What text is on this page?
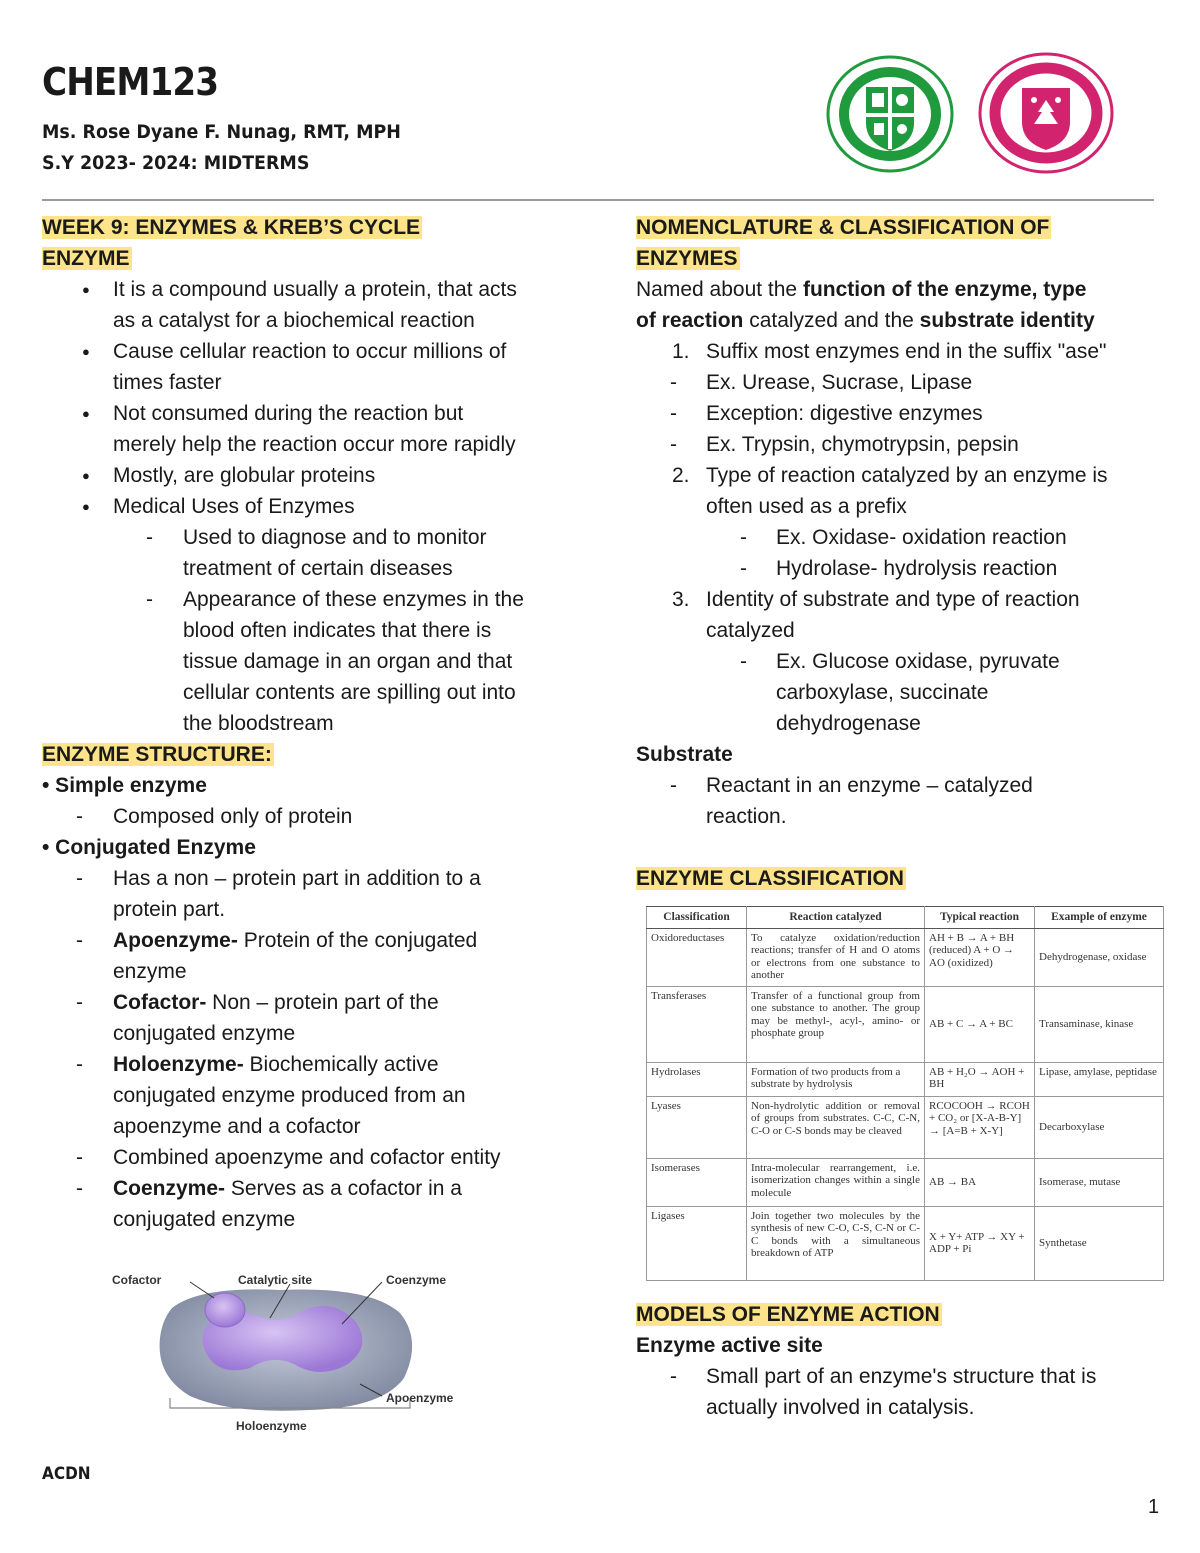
CHEM123
Ms. Rose Dyane F. Nunag, RMT, MPH
S.Y 2023- 2024: MIDTERMS
WEEK 9: ENZYMES & KREB’S CYCLE
ENZYME
● It is a compound usually a protein, that acts
as a catalyst for a biochemical reaction
● Cause cellular reaction to occur millions of
times faster
● Not consumed during the reaction but
merely help the reaction occur more rapidly
● Mostly, are globular proteins
● Medical Uses of Enzymes
- Used to diagnose and to monitor
treatment of certain diseases
- Appearance of these enzymes in the
blood often indicates that there is
tissue damage in an organ and that
cellular contents are spilling out into
the bloodstream
ENZYME STRUCTURE:
• Simple enzyme
- Composed only of protein
• Conjugated Enzyme
- Has a non – protein part in addition to a
protein part.
- Apoenzyme- Protein of the conjugated
enzyme
- Cofactor- Non – protein part of the
conjugated enzyme
- Holoenzyme- Biochemically active
conjugated enzyme produced from an
apoenzyme and a cofactor
- Combined apoenzyme and cofactor entity
- Coenzyme- Serves as a cofactor in a
conjugated enzyme
Cofactor	Catalytic site	Coenzyme
Apoenzyme
Holoenzyme
NOMENCLATURE & CLASSIFICATION OF
ENZYMES
Named about the function of the enzyme, type
of reaction catalyzed and the substrate identity
1. Suffix most enzymes end in the suffix "ase"
- Ex. Urease, Sucrase, Lipase
- Exception: digestive enzymes
- Ex. Trypsin, chymotrypsin, pepsin
2. Type of reaction catalyzed by an enzyme is
often used as a prefix
- Ex. Oxidase- oxidation reaction
- Hydrolase- hydrolysis reaction
3. Identity of substrate and type of reaction
catalyzed
- Ex. Glucose oxidase, pyruvate
carboxylase, succinate
dehydrogenase
Substrate
- Reactant in an enzyme – catalyzed
reaction.
ENZYME CLASSIFICATION
Classification	Reaction catalyzed	Typical reaction	Example of enzyme
Oxidoreductases	To catalyze oxidation/reduction reactions; transfer of H and O atoms or electrons from one substance to another	AH + B → A + BH (reduced) A + O → AO (oxidized)	Dehydrogenase, oxidase
Transferases	Transfer of a functional group from one substance to another. The group may be methyl-, acyl-, amino- or phosphate group	AB + C → A + BC	Transaminase, kinase
Hydrolases	Formation of two products from a substrate by hydrolysis	AB + H₂O → AOH + BH	Lipase, amylase, peptidase
Lyases	Non-hydrolytic addition or removal of groups from substrates. C-C, C-N, C-O or C-S bonds may be cleaved	RCOCOOH → RCOH + CO₂ or [X-A-B-Y] → [A=B + X-Y]	Decarboxylase
Isomerases	Intra-molecular rearrangement, i.e. isomerization changes within a single molecule	AB → BA	Isomerase, mutase
Ligases	Join together two molecules by the synthesis of new C-O, C-S, C-N or C-C bonds with a simultaneous breakdown of ATP	X + Y+ ATP → XY + ADP + Pi	Synthetase
MODELS OF ENZYME ACTION
Enzyme active site
- Small part of an enzyme's structure that is
actually involved in catalysis.
ACDN
1
